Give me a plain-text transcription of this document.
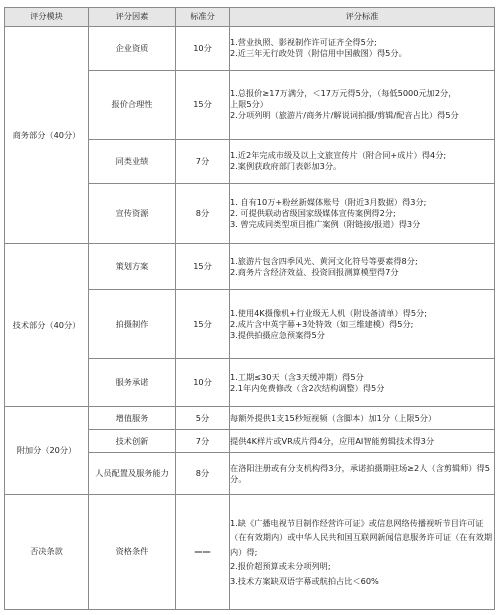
评分模块	评分因素	标准分	评分标准
商务部分（40分）	企业资质	10分	1.营业执照、影视制作许可证齐全得5分;
2.近三年无行政处罚（附信用中国截图）得5分。

	报价合理性	15分	1.总报价≥17万满分，＜17万元得5分，（每低5000元加2分，
上限5分）
2.分项列明（旅游片/商务片/解说词拍摄/剪辑/配音占比）得5分

	同类业绩	7分	1.近2年完成市级及以上文旅宣传片（附合同+成片）得4分;
2.案例获政府部门表彰加3分。

	宣传资源	8分	1. 自有10万+粉丝新媒体账号（附近3月数据）得3分;
2. 可提供联动省级国家级媒体宣传案例得2分;
3. 曾完成同类型项目推广案例（附链接/报道）得3分

技术部分（40分）	策划方案	15分	1.旅游片包含四季风光、黄河文化符号等要素得8分;
2.商务片含经济效益、投资回报测算模型得7分

	拍摄制作	15分	1.使用4K摄像机+行业级无人机（附设备清单）得5分;
2.成片含中英字幕+3处特效（如三维建模）得5分;
3.提供拍摄应急预案得5分

	服务承诺	10分	1.工期≤30天（含3天缓冲期）得5分
2.1年内免费修改（含2次结构调整）得5分

附加分（20分）	增值服务	5分	每额外提供1支15秒短视频（含脚本）加1分（上限5分）

	技术创新	7分	提供4K样片或VR成片得4分，应用AI智能剪辑技术得3分

	人员配置及服务能力	8分	在洛阳注册或有分支机构得3分，承诺拍摄期驻场≥2人（含剪辑师）得5分。

否决条款	资格条件	——	1.缺《广播电视节目制作经营许可证》或信息网络传播视听节目许可证（在有效期内）或中华人民共和国互联网新闻信息服务许可证（在有效期内）得;
2.报价超预算或未分项列明;
3.技术方案缺双语字幕或航拍占比＜60%
